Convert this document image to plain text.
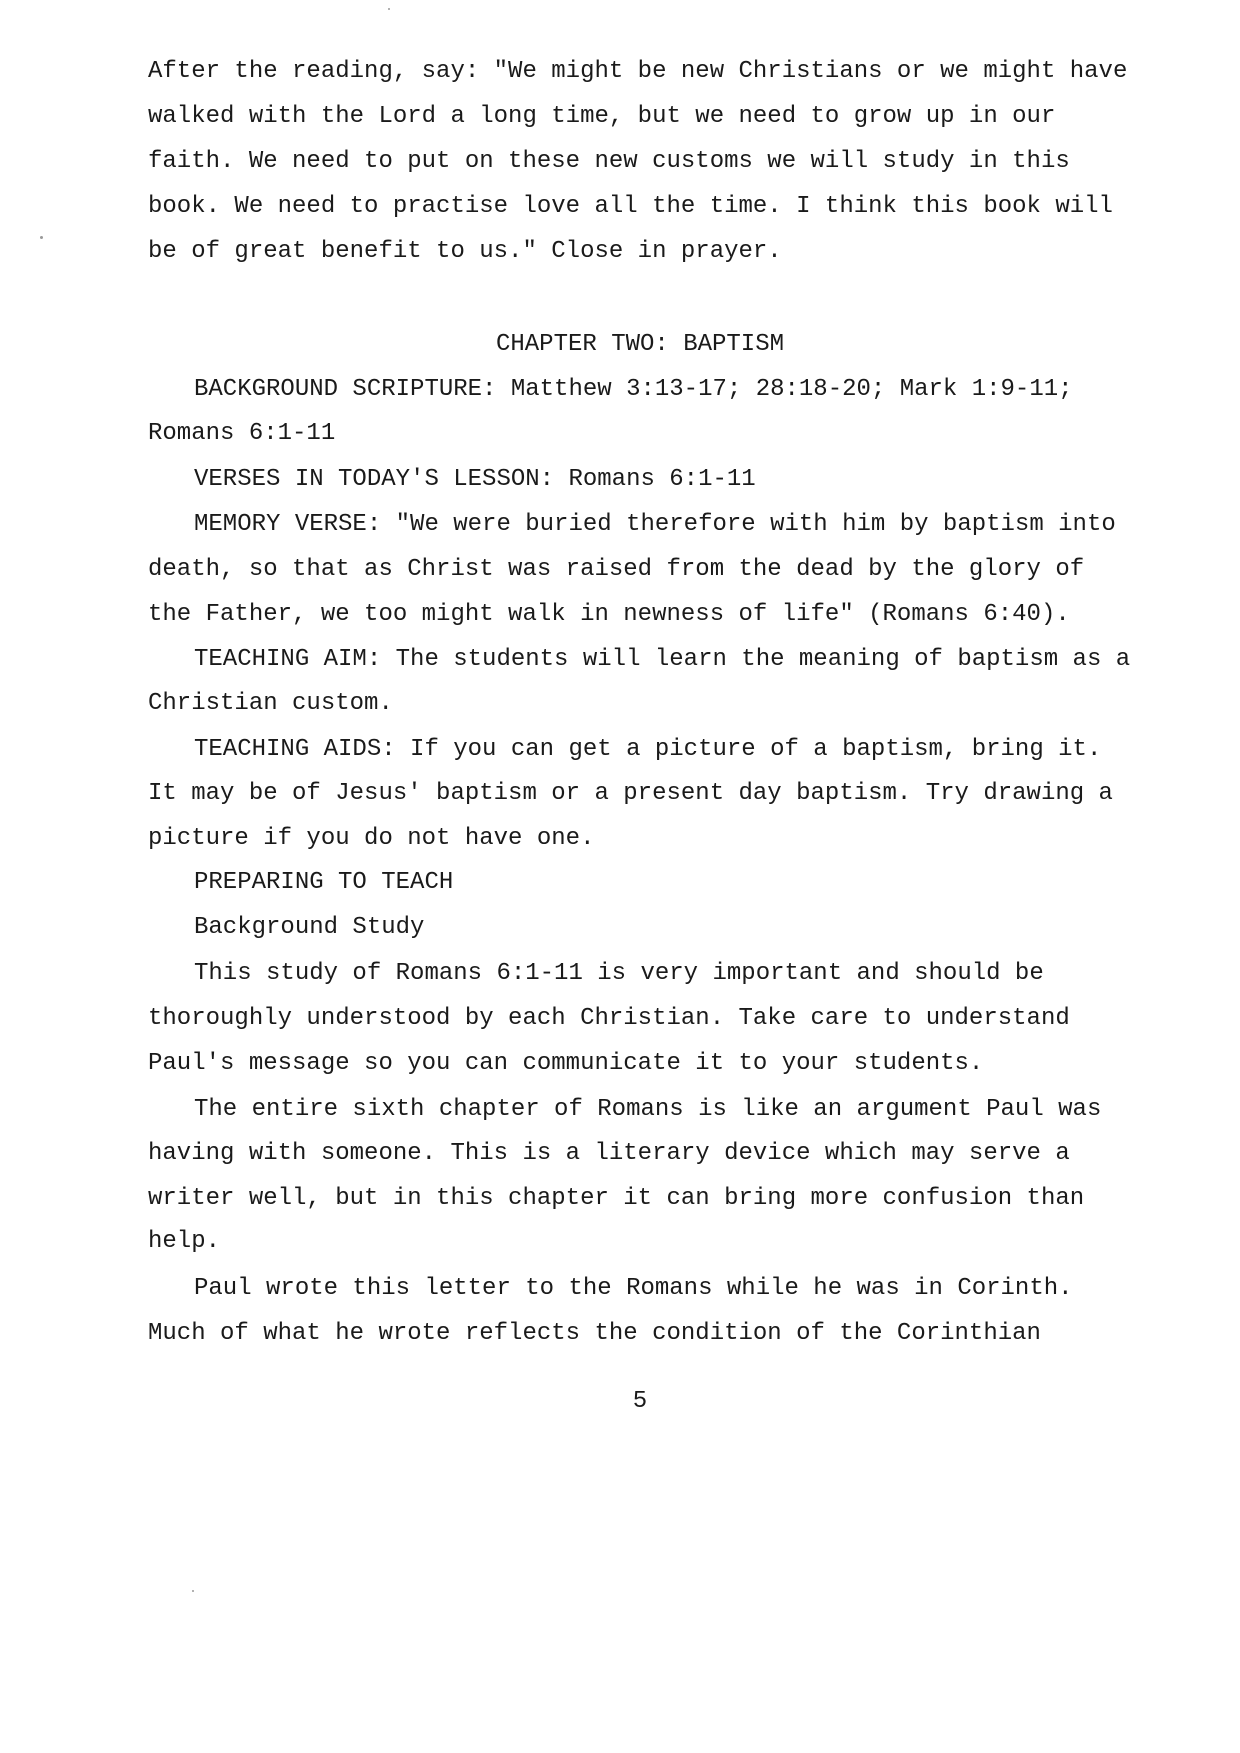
After the reading, say: "We might be new Christians or we might have
walked with the Lord a long time, but we need to grow up in our
faith. We need to put on these new customs we will study in this
book. We need to practise love all the time. I think this book will
be of great benefit to us." Close in prayer.
CHAPTER TWO: BAPTISM
BACKGROUND SCRIPTURE: Matthew 3:13-17; 28:18-20; Mark 1:9-11;
Romans 6:1-11
VERSES IN TODAY'S LESSON: Romans 6:1-11
MEMORY VERSE: "We were buried therefore with him by baptism into
death, so that as Christ was raised from the dead by the glory of
the Father, we too might walk in newness of life" (Romans 6:40).
TEACHING AIM: The students will learn the meaning of baptism as a
Christian custom.
TEACHING AIDS: If you can get a picture of a baptism, bring it.
It may be of Jesus' baptism or a present day baptism. Try drawing a
picture if you do not have one.
PREPARING TO TEACH
Background Study
This study of Romans 6:1-11 is very important and should be
thoroughly understood by each Christian. Take care to understand
Paul's message so you can communicate it to your students.
The entire sixth chapter of Romans is like an argument Paul was
having with someone. This is a literary device which may serve a
writer well, but in this chapter it can bring more confusion than
help.
Paul wrote this letter to the Romans while he was in Corinth.
Much of what he wrote reflects the condition of the Corinthian
5
